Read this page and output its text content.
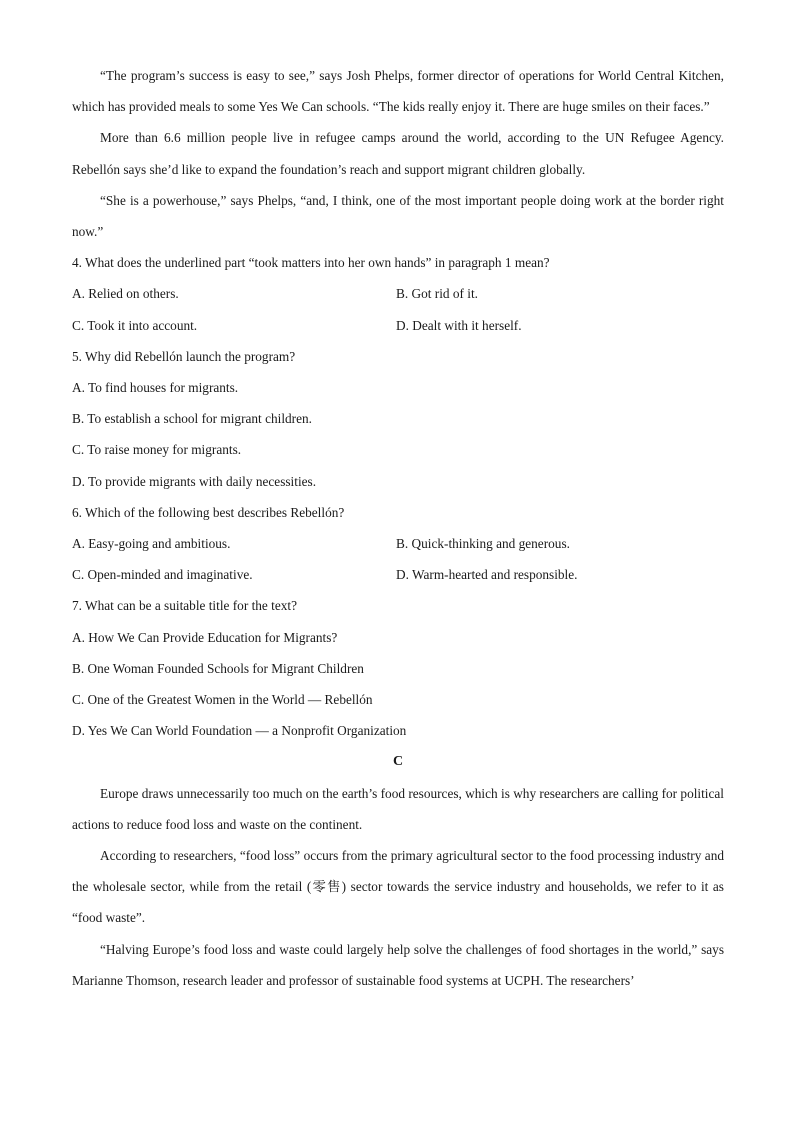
“The program’s success is easy to see,” says Josh Phelps, former director of operations for World Central Kitchen, which has provided meals to some Yes We Can schools. “The kids really enjoy it. There are huge smiles on their faces.”

More than 6.6 million people live in refugee camps around the world, according to the UN Refugee Agency. Rebellón says she’d like to expand the foundation’s reach and support migrant children globally.

“She is a powerhouse,” says Phelps, “and, I think, one of the most important people doing work at the border right now.”

4. What does the underlined part “took matters into her own hands” in paragraph 1 mean?

A. Relied on others.	B. Got rid of it.
C. Took it into account.	D. Dealt with it herself.

5. Why did Rebellón launch the program?

A. To find houses for migrants.

B. To establish a school for migrant children.

C. To raise money for migrants.

D. To provide migrants with daily necessities.

6. Which of the following best describes Rebellón?

A. Easy-going and ambitious.	B. Quick-thinking and generous.
C. Open-minded and imaginative.	D. Warm-hearted and responsible.

7. What can be a suitable title for the text?

A. How We Can Provide Education for Migrants?

B. One Woman Founded Schools for Migrant Children

C. One of the Greatest Women in the World — Rebellón

D. Yes We Can World Foundation — a Nonprofit Organization

C

Europe draws unnecessarily too much on the earth’s food resources, which is why researchers are calling for political actions to reduce food loss and waste on the continent.

According to researchers, “food loss” occurs from the primary agricultural sector to the food processing industry and the wholesale sector, while from the retail (零售) sector towards the service industry and households, we refer to it as “food waste”.

“Halving Europe’s food loss and waste could largely help solve the challenges of food shortages in the world,” says Marianne Thomson, research leader and professor of sustainable food systems at UCPH. The researchers’
